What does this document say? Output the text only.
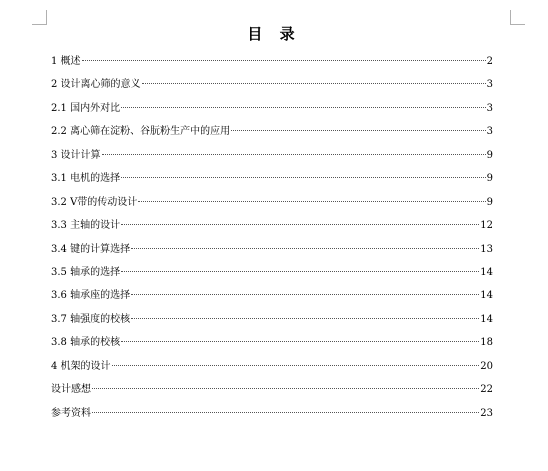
目 录
1 概述	2
2 设计离心筛的意义	3
2.1 国内外对比	3
2.2 离心筛在淀粉、谷朊粉生产中的应用	3
3 设计计算	9
3.1 电机的选择	9
3.2 V带的传动设计	9
3.3 主轴的设计	12
3.4 键的计算选择	13
3.5 轴承的选择	14
3.6 轴承座的选择	14
3.7 轴强度的校核	14
3.8 轴承的校核	18
4 机架的设计	20
设计感想	22
参考资料	23
